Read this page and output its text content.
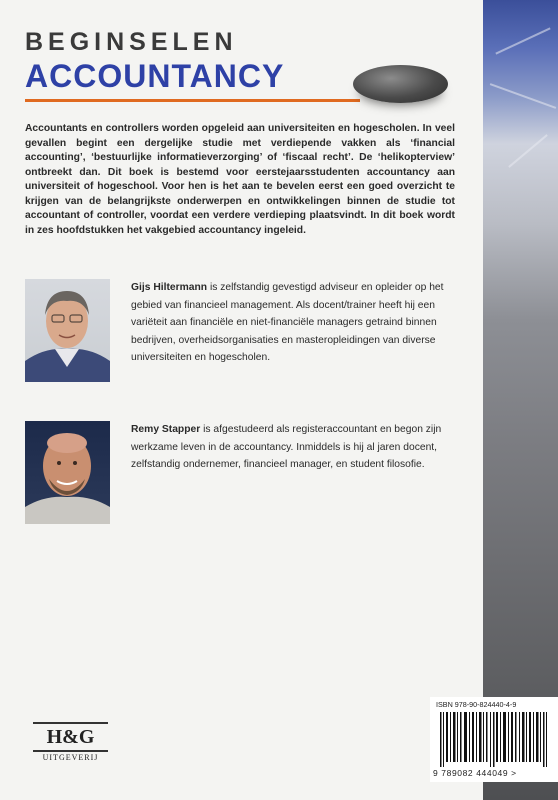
BEGINSELEN
ACCOUNTANCY
Accountants en controllers worden opgeleid aan universiteiten en hogescholen. In veel gevallen begint een dergelijke studie met verdiepende vakken als ‘financial accounting’, ‘bestuurlijke informatieverzorging’ of ‘fiscaal recht’. De ‘helikopterview’ ontbreekt dan. Dit boek is bestemd voor eerstejaarsstudenten accountancy aan universiteit of hogeschool. Voor hen is het aan te bevelen eerst een goed overzicht te krijgen van de belangrijkste onderwerpen en ontwikkelingen binnen de studie tot accountant of controller, voordat een verdere verdieping plaatsvindt. In dit boek wordt in zes hoofdstukken het vakgebied accountancy ingeleid.
Gijs Hiltermann is zelfstandig gevestigd adviseur en opleider op het gebied van financieel management. Als docent/trainer heeft hij een variëteit aan financiële en niet-financiële managers getraind binnen bedrijven, overheidsorganisaties en masteropleidingen van diverse universiteiten en hogescholen.
Remy Stapper is afgestudeerd als registeraccountant en begon zijn werkzame leven in de accountancy. Inmiddels is hij al jaren docent, zelfstandig ondernemer, financieel manager, en student filosofie.
H&G
UITGEVERIJ
ISBN 978-90-824440-4-9
9 789082 444049 >
